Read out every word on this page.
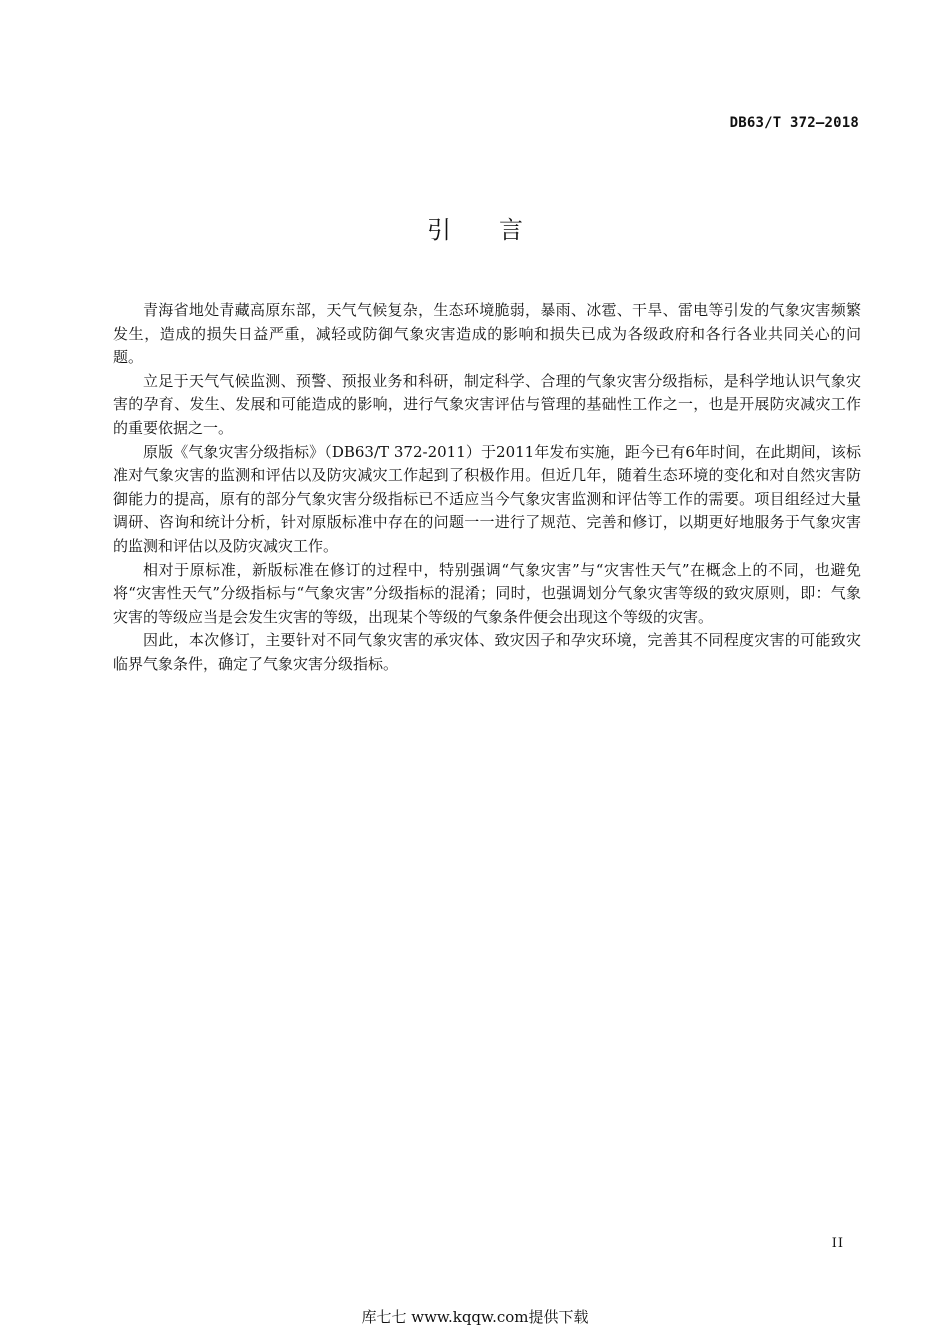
DB63/T 372—2018
引言

青海省地处青藏高原东部，天气气候复杂，生态环境脆弱，暴雨、冰雹、干旱、雷电等引发的气象灾害频繁发生，造成的损失日益严重，减轻或防御气象灾害造成的影响和损失已成为各级政府和各行各业共同关心的问题。

立足于天气气候监测、预警、预报业务和科研，制定科学、合理的气象灾害分级指标，是科学地认识气象灾害的孕育、发生、发展和可能造成的影响，进行气象灾害评估与管理的基础性工作之一，也是开展防灾减灾工作的重要依据之一。

原版《气象灾害分级指标》（DB63/T 372-2011）于2011年发布实施，距今已有6年时间，在此期间，该标准对气象灾害的监测和评估以及防灾减灾工作起到了积极作用。但近几年，随着生态环境的变化和对自然灾害防御能力的提高，原有的部分气象灾害分级指标已不适应当今气象灾害监测和评估等工作的需要。项目组经过大量调研、咨询和统计分析，针对原版标准中存在的问题一一进行了规范、完善和修订，以期更好地服务于气象灾害的监测和评估以及防灾减灾工作。

相对于原标准，新版标准在修订的过程中，特别强调“气象灾害”与“灾害性天气”在概念上的不同，也避免将“灾害性天气”分级指标与“气象灾害”分级指标的混淆；同时，也强调划分气象灾害等级的致灾原则，即：气象灾害的等级应当是会发生灾害的等级，出现某个等级的气象条件便会出现这个等级的灾害。

因此，本次修订，主要针对不同气象灾害的承灾体、致灾因子和孕灾环境，完善其不同程度灾害的可能致灾临界气象条件，确定了气象灾害分级指标。

II
库七七 www.kqqw.com提供下载
